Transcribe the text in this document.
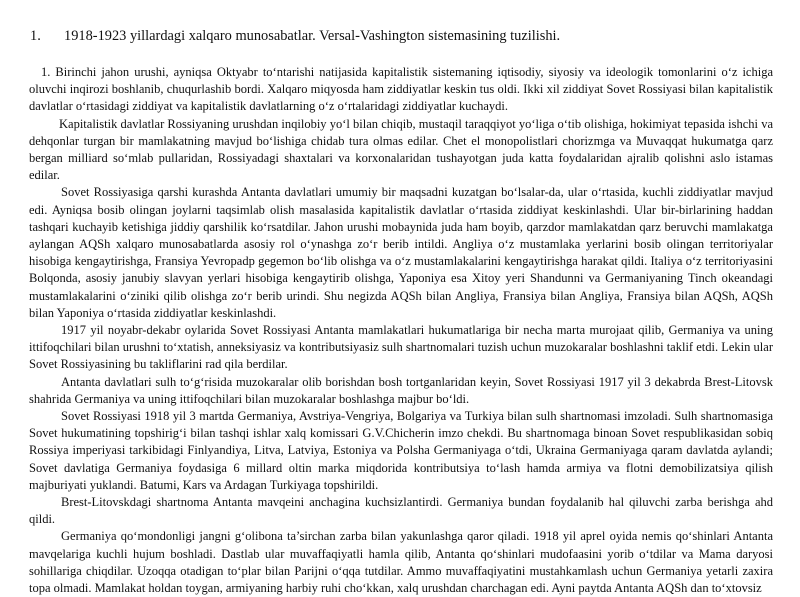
1. 1918-1923 yillardagi xalqaro munosabatlar. Versal-Vashington sistemasining tuzilishi.

1. Birinchi jahon urushi, ayniqsa Oktyabr to‘ntarishi natijasida kapitalistik sistemaning iqtisodiy, siyosiy va ideologik tomonlarini o‘z ichiga oluvchi inqirozi boshlanib, chuqurlashib bordi. Xalqaro miqyosda ham ziddiyatlar keskin tus oldi. Ikki xil ziddiyat Sovet Rossiyasi bilan kapitalistik davlatlar o‘rtasidagi ziddiyat va kapitalistik davlatlarning o‘z o‘rtalaridagi ziddiyatlar kuchaydi.

Kapitalistik davlatlar Rossiyaning urushdan inqilobiy yo‘l bilan chiqib, mustaqil taraqqiyot yo‘liga o‘tib olishiga, hokimiyat tepasida ishchi va dehqonlar turgan bir mamlakatning mavjud bo‘lishiga chidab tura olmas edilar. Chet el monopolistlari chorizmga va Muvaqqat hukumatga qarz bergan milliard so‘mlab pullaridan, Rossiyadagi shaxtalari va korxonalaridan tushayotgan juda katta foydalaridan ajralib qolishni aslo istamas edilar.

Sovet Rossiyasiga qarshi kurashda Antanta davlatlari umumiy bir maqsadni kuzatgan bo‘lsalar-da, ular o‘rtasida, kuchli ziddiyatlar mavjud edi. Ayniqsa bosib olingan joylarni taqsimlab olish masalasida kapitalistik davlatlar o‘rtasida ziddiyat keskinlashdi. Ular bir-birlarining haddan tashqari kuchayib ketishiga jiddiy qarshilik ko‘rsatdilar. Jahon urushi mobaynida juda ham boyib, qarzdor mamlakatdan qarz beruvchi mamlakatga aylangan AQSh xalqaro munosabatlarda asosiy rol o‘ynashga zo‘r berib intildi. Angliya o‘z mustamlaka yerlarini bosib olingan territoriyalar hisobiga kengaytirishga, Fransiya Yevropadp gegemon bo‘lib olishga va o‘z mustamlakalarini kengaytirishga harakat qildi. Italiya o‘z territoriyasini Bolqonda, asosiy janubiy slavyan yerlari hisobiga kengaytirib olishga, Yaponiya esa Xitoy yeri Shandunni va Germaniyaning Tinch okeandagi mustamlakalarini o‘ziniki qilib olishga zo‘r berib urindi. Shu negizda AQSh bilan Angliya, Fransiya bilan Angliya, Fransiya bilan AQSh, AQSh bilan Yaponiya o‘rtasida ziddiyatlar keskinlashdi.

1917 yil noyabr-dekabr oylarida Sovet Rossiyasi Antanta mamlakatlari hukumatlariga bir necha marta murojaat qilib, Germaniya va uning ittifoqchilari bilan urushni to‘xtatish, anneksiyasiz va kontributsiyasiz sulh shartnomalari tuzish uchun muzokaralar boshlashni taklif etdi. Lekin ular Sovet Rossiyasining bu takliflarini rad qila berdilar.

Antanta davlatlari sulh to‘g‘risida muzokaralar olib borishdan bosh tortganlaridan keyin, Sovet Rossiyasi 1917 yil 3 dekabrda Brest-Litovsk shahrida Germaniya va uning ittifoqchilari bilan muzokaralar boshlashga majbur bo‘ldi.

Sovet Rossiyasi 1918 yil 3 martda Germaniya, Avstriya-Vengriya, Bolgariya va Turkiya bilan sulh shartnomasi imzoladi. Sulh shartnomasiga Sovet hukumatining topshirig‘i bilan tashqi ishlar xalq komissari G.V.Chicherin imzo chekdi. Bu shartnomaga binoan Sovet respublikasidan sobiq Rossiya imperiyasi tarkibidagi Finlyandiya, Litva, Latviya, Estoniya va Polsha Germaniyaga o‘tdi, Ukraina Germaniyaga qaram davlatda aylandi; Sovet davlatiga Germaniya foydasiga 6 millard oltin marka miqdorida kontributsiya to‘lash hamda armiya va flotni demobilizatsiya qilish majburiyati yuklandi. Batumi, Kars va Ardagan Turkiyaga topshirildi.

Brest-Litovskdagi shartnoma Antanta mavqeini anchagina kuchsizlantirdi. Germaniya bundan foydalanib hal qiluvchi zarba berishga ahd qildi.

Germaniya qo‘mondonligi jangni g‘olibona ta’sirchan zarba bilan yakunlashga qaror qiladi. 1918 yil aprel oyida nemis qo‘shinlari Antanta mavqelariga kuchli hujum boshladi. Dastlab ular muvaffaqiyatli hamla qilib, Antanta qo‘shinlari mudofaasini yorib o‘tdilar va Mama daryosi sohillariga chiqdilar. Uzoqqa otadigan to‘plar bilan Parijni o‘qqa tutdilar. Ammo muvaffaqiyatini mustahkamlash uchun Germaniya yetarli zaxira topa olmadi. Mamlakat holdan toygan, armiyaning harbiy ruhi cho‘kkan, xalq urushdan charchagan edi. Ayni paytda Antanta AQSh dan to‘xtovsiz
